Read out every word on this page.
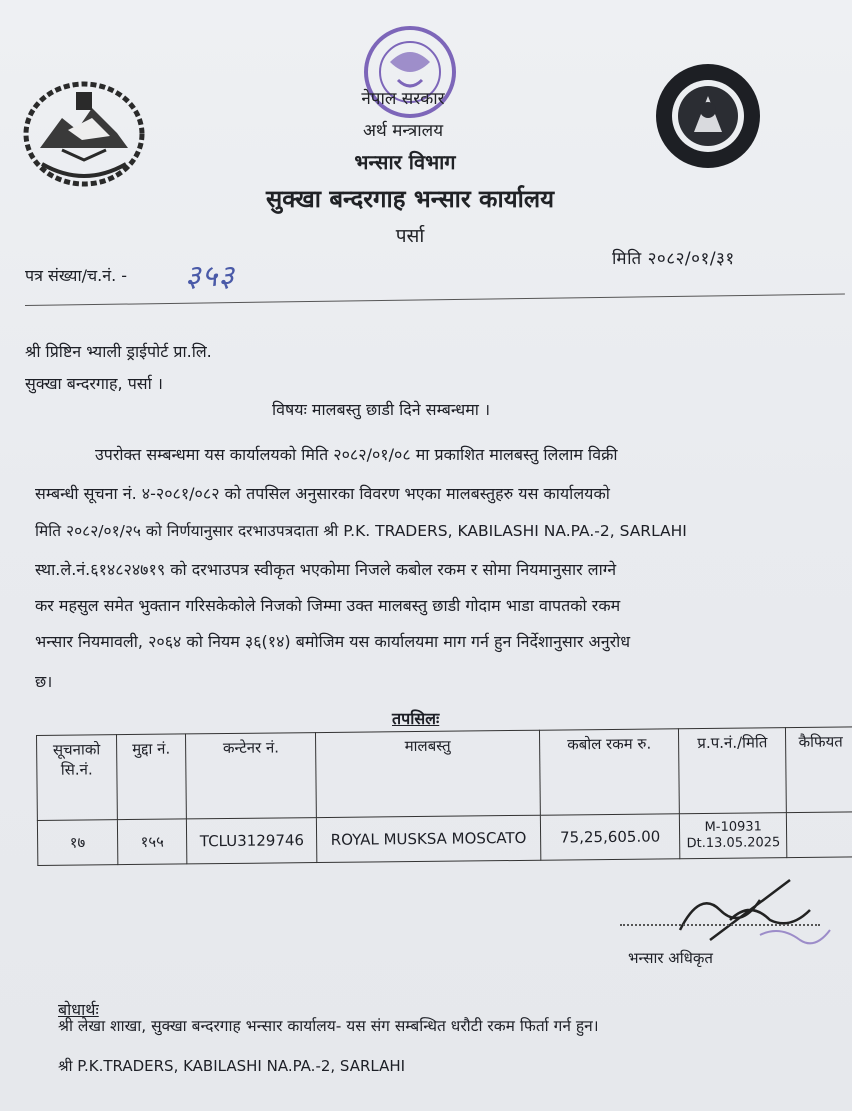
नेपाल सरकार
अर्थ मन्त्रालय
भन्सार विभाग
सुक्खा बन्दरगाह भन्सार कार्यालय
पर्सा
पत्र संख्या/च.नं. - ३५३	मिति २०८२/०१/३१
श्री प्रिष्टिन भ्याली ड्राईपोर्ट प्रा.लि.
सुक्खा बन्दरगाह, पर्सा ।
विषयः मालबस्तु छाडी दिने सम्बन्धमा ।
उपरोक्त सम्बन्धमा यस कार्यालयको मिति २०८२/०१/०८ मा प्रकाशित मालबस्तु लिलाम विक्री
सम्बन्धी सूचना नं. ४-२०८१/०८२ को तपसिल अनुसारका विवरण भएका मालबस्तुहरु यस कार्यालयको
मिति २०८२/०१/२५ को निर्णयानुसार दरभाउपत्रदाता श्री P.K. TRADERS, KABILASHI NA.PA.-2, SARLAHI
स्था.ले.नं.६१४८२४७१९ को दरभाउपत्र स्वीकृत भएकोमा निजले कबोल रकम र सोमा नियमानुसार लाग्ने
कर महसुल समेत भुक्तान गरिसकेकोले निजको जिम्मा उक्त मालबस्तु छाडी गोदाम भाडा वापतको रकम
भन्सार नियमावली, २०६४ को नियम ३६(१४) बमोजिम यस कार्यालयमा माग गर्न हुन निर्देशानुसार अनुरोध
छ।
तपसिलः
सूचनाको सि.नं.	मुद्दा नं.	कन्टेनर नं.	मालबस्तु	कबोल रकम रु.	प्र.प.नं./मिति	कैफियत
१७	१५५	TCLU3129746	ROYAL MUSKSA MOSCATO	75,25,605.00	M-10931 Dt.13.05.2025	
भन्सार अधिकृत
बोधार्थः
श्री लेखा शाखा, सुक्खा बन्दरगाह भन्सार कार्यालय- यस संग सम्बन्धित धरौटी रकम फिर्ता गर्न हुन।
श्री P.K.TRADERS, KABILASHI NA.PA.-2, SARLAHI
